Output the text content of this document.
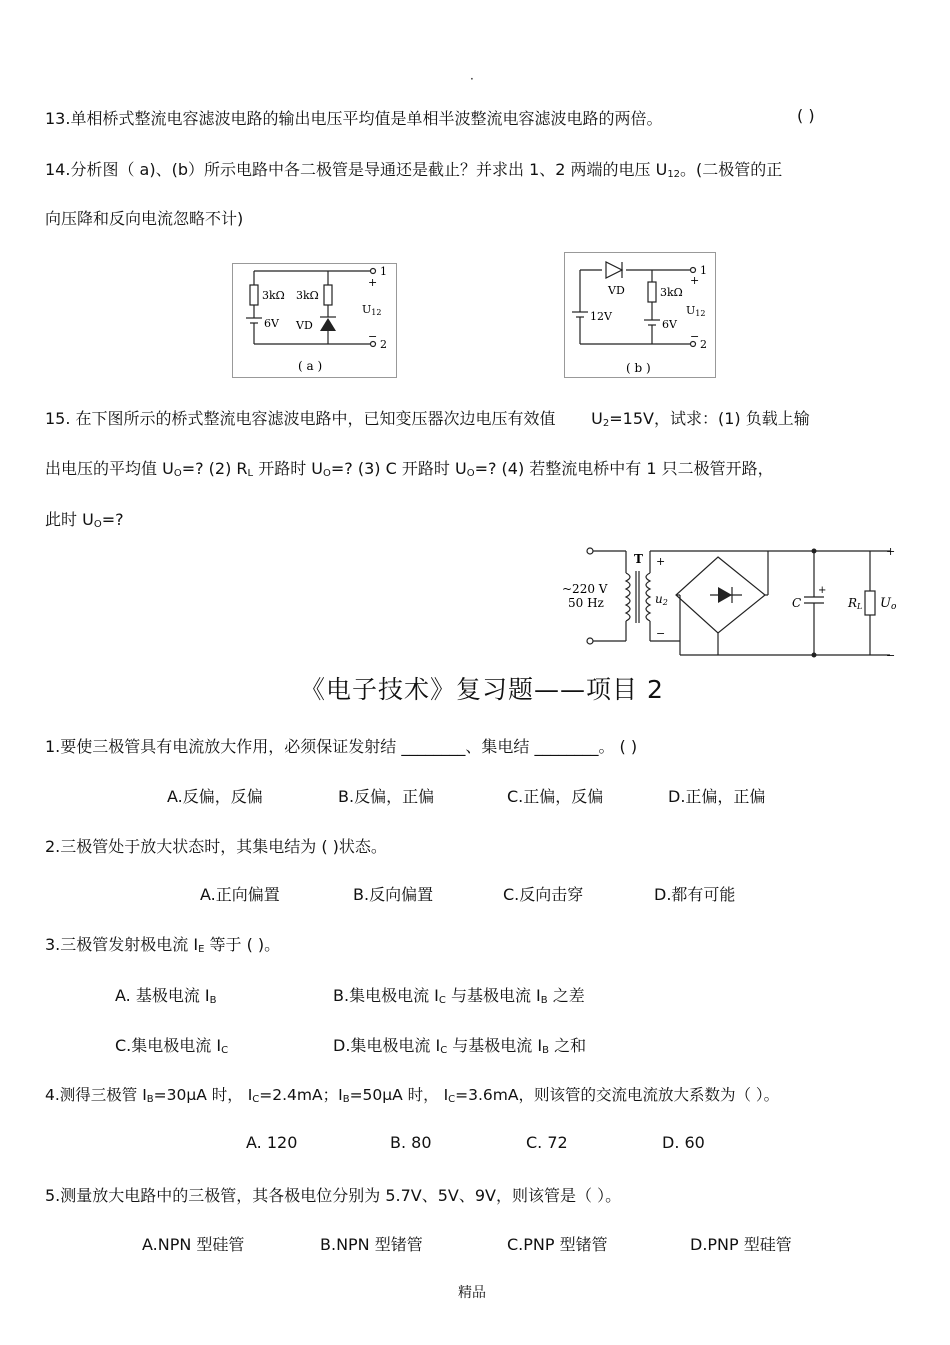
·
13.单相桥式整流电容滤波电路的输出电压平均值是单相半波整流电容滤波电路的两倍。	( )
14.分析图（ a)、(b）所示电路中各二极管是导通还是截止？并求出 1、2 两端的电压 $U_{12}$。(二极管的正
向压降和反向电流忽略不计)
3kΩ 3kΩ
6V VD
1
2
+
−
U12
( a )
VD	3kΩ
12V
6V
1
2
+
−
U12
( b )
15. 在下图所示的桥式整流电容滤波电路中，已知变压器次边电压有效值 $U_2=15V$，试求：(1) 负载上输
出电压的平均值 $U_O=$? (2) $R_L$ 开路时 $U_O=$? (3) C 开路时 $U_O=$? (4) 若整流电桥中有 1 只二极管开路，
此时 $U_O=$?
~220 V
50 Hz
T
u2
+
−
C
+
RL Uo
+
−
《电子技术》复习题——项目 2
1.要使三极管具有电流放大作用，必须保证发射结 ________、集电结 ________。 ( )
A.反偏，反偏	B.反偏，正偏	C.正偏，反偏	D.正偏，正偏
2.三极管处于放大状态时，其集电结为 ( )状态。
A.正向偏置	B.反向偏置	C.反向击穿	D.都有可能
3.三极管发射极电流 $I_E$ 等于 ( )。
A. 基极电流 $I_B$	B.集电极电流 $I_C$ 与基极电流 $I_B$ 之差
C.集电极电流 $I_C$	D.集电极电流 $I_C$ 与基极电流 $I_B$ 之和
4.测得三极管 $I_B=30\mu A$ 时， $I_C=2.4mA$；$I_B=50\mu A$ 时， $I_C=3.6mA$，则该管的交流电流放大系数为（ ）。
A. 120	B. 80	C. 72	D. 60
5.测量放大电路中的三极管，其各极电位分别为 5.7V、5V、9V，则该管是（ ）。
A.NPN 型硅管	B.NPN 型锗管	C.PNP 型锗管	D.PNP 型硅管
精品
